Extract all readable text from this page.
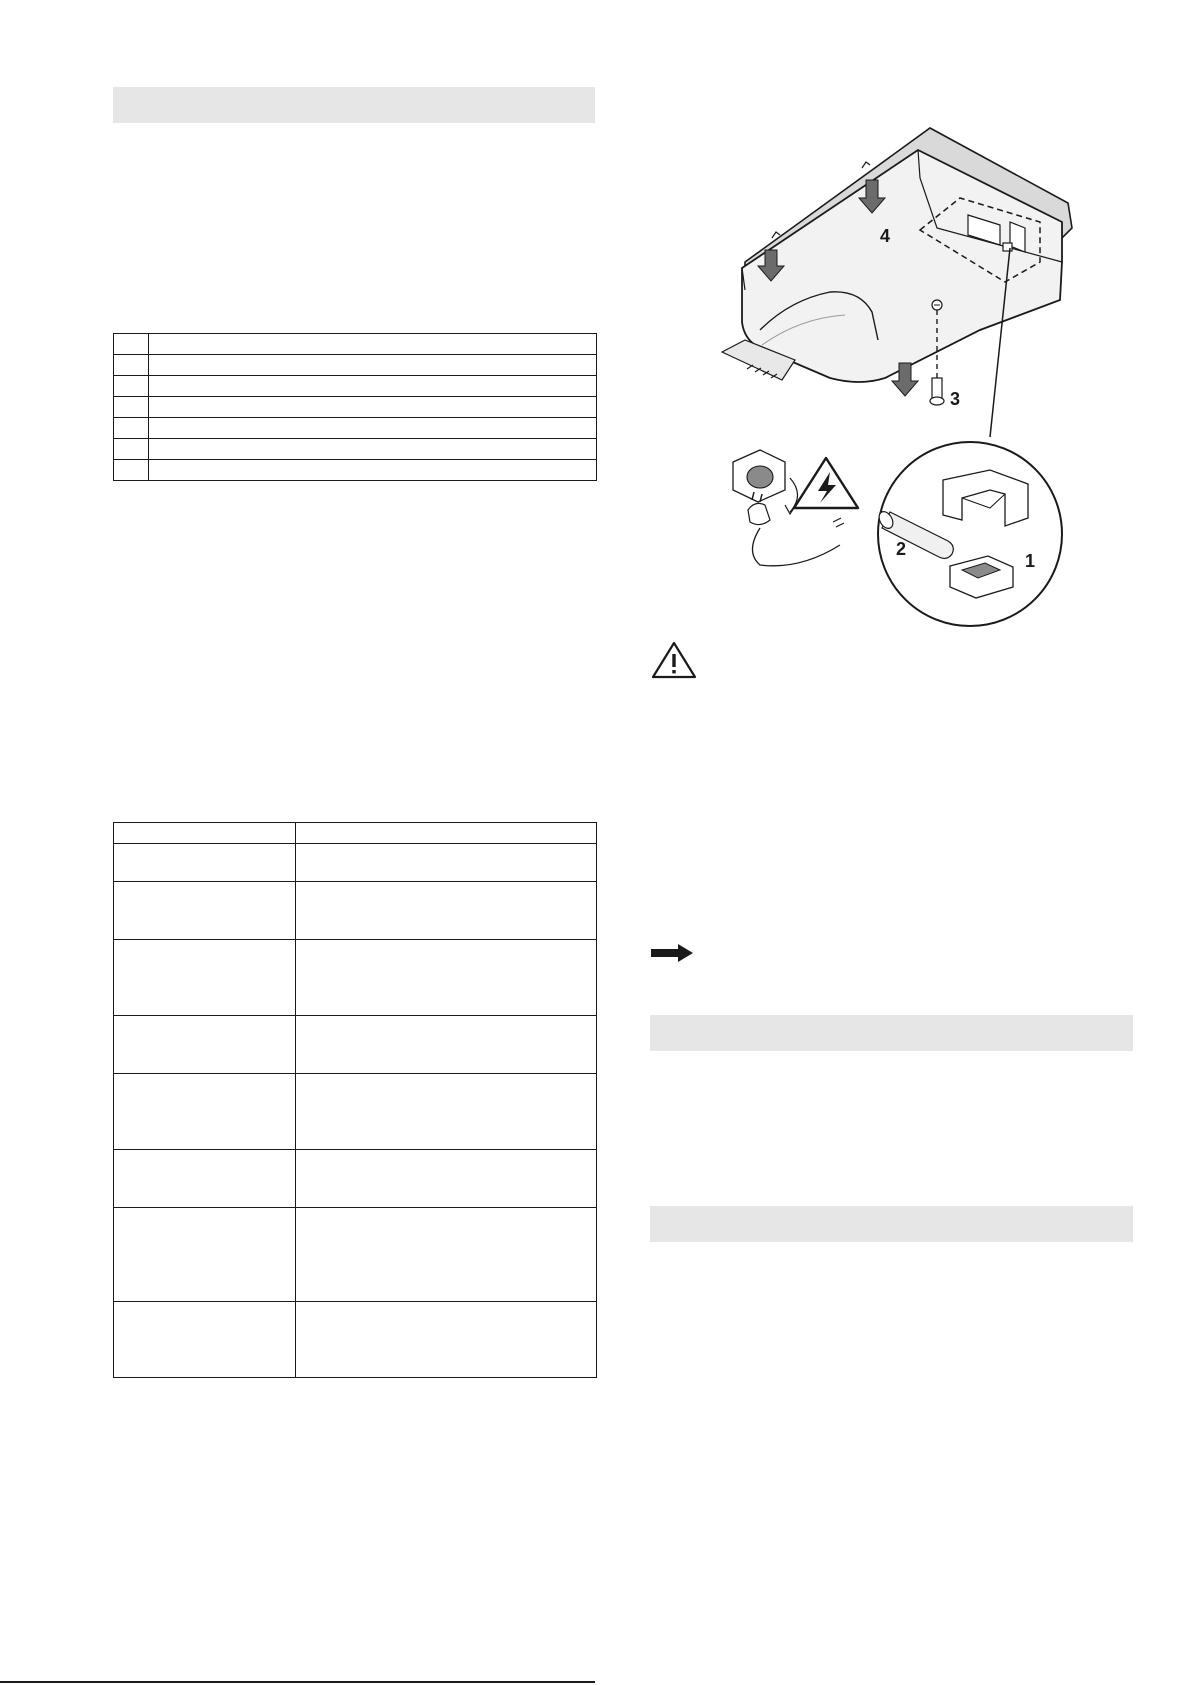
3
4
2
1
